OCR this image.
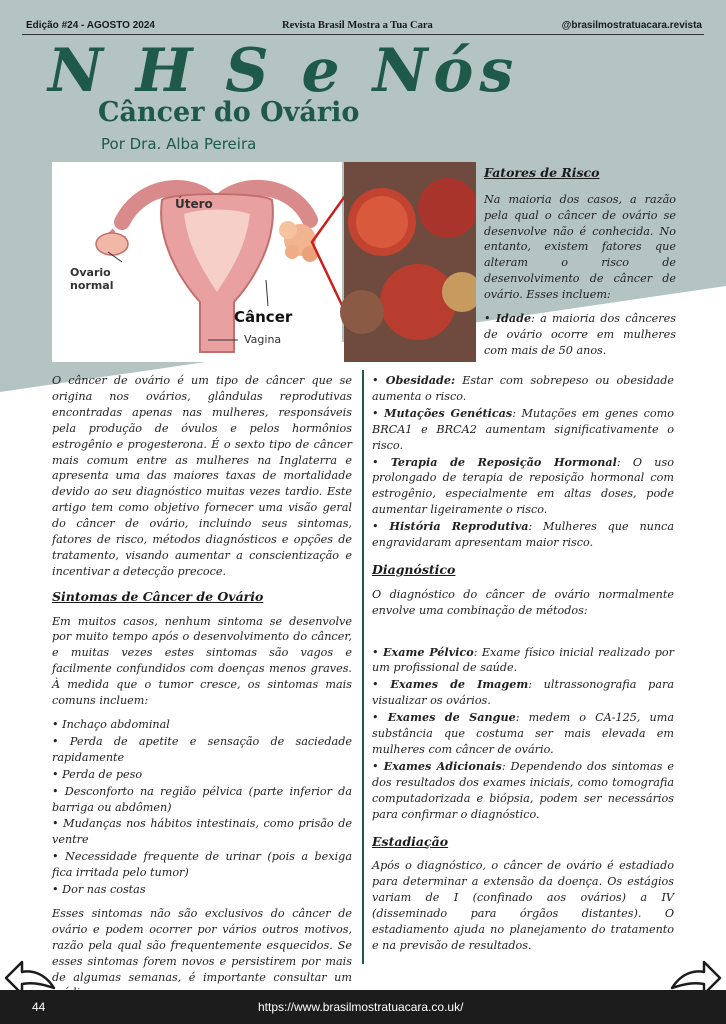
Edição #24 - AGOSTO 2024	Revista Brasil Mostra a Tua Cara	@brasilmostratuacara.revista
N H S e Nós
Câncer do Ovário
Por Dra. Alba Pereira
Útero
Ovario
normal
Câncer
Vagina
Fatores de Risco

Na maioria dos casos, a razão pela qual o câncer de ovário se desenvolve não é conhecida. No entanto, existem fatores que alteram o risco de desenvolvimento de câncer de ovário. Esses incluem:

• Idade: a maioria dos cânceres de ovário ocorre em mulheres com mais de 50 anos.

O câncer de ovário é um tipo de câncer que se origina nos ovários, glândulas reprodutivas encontradas apenas nas mulheres, responsáveis pela produção de óvulos e pelos hormônios estrogênio e progesterona. É o sexto tipo de câncer mais comum entre as mulheres na Inglaterra e apresenta uma das maiores taxas de mortalidade devido ao seu diagnóstico muitas vezes tardio. Este artigo tem como objetivo fornecer uma visão geral do câncer de ovário, incluindo seus sintomas, fatores de risco, métodos diagnósticos e opções de tratamento, visando aumentar a conscientização e incentivar a detecção precoce.

Sintomas de Câncer de Ovário

Em muitos casos, nenhum sintoma se desenvolve por muito tempo após o desenvolvimento do câncer, e muitas vezes estes sintomas são vagos e facilmente confundidos com doenças menos graves. À medida que o tumor cresce, os sintomas mais comuns incluem:

• Inchaço abdominal
• Perda de apetite e sensação de saciedade rapidamente
• Perda de peso
• Desconforto na região pélvica (parte inferior da barriga ou abdômen)
• Mudanças nos hábitos intestinais, como prisão de ventre
• Necessidade frequente de urinar (pois a bexiga fica irritada pelo tumor)
• Dor nas costas

Esses sintomas não são exclusivos do câncer de ovário e podem ocorrer por vários outros motivos, razão pela qual são frequentemente esquecidos. Se esses sintomas forem novos e persistirem por mais de algumas semanas, é importante consultar um

• Obesidade: Estar com sobrepeso ou obesidade aumenta o risco.
• Mutações Genéticas: Mutações em genes como BRCA1 e BRCA2 aumentam significativamente o risco.
• Terapia de Reposição Hormonal: O uso prolongado de terapia de reposição hormonal com estrogênio, especialmente em altas doses, pode aumentar ligeiramente o risco.
• História Reprodutiva: Mulheres que nunca engravidaram apresentam maior risco.
Diagnóstico

O diagnóstico do câncer de ovário normalmente envolve uma combinação de métodos:

• Exame Pélvico: Exame físico inicial realizado por um profissional de saúde.
• Exames de Imagem: ultrassonografia para visualizar os ovários.
• Exames de Sangue: medem o CA-125, uma substância que costuma ser mais elevada em mulheres com câncer de ovário.
• Exames Adicionais: Dependendo dos sintomas e dos resultados dos exames iniciais, como tomografia computadorizada e biópsia, podem ser necessários para confirmar o diagnóstico.
Estadiação

Após o diagnóstico, o câncer de ovário é estadiado para determinar a extensão da doença. Os estágios variam de I (confinado aos ovários) a IV (disseminado para órgãos distantes). O estadiamento ajuda no planejamento do tratamento e na previsão de resultados.

44	https://www.brasilmostratuacara.co.uk/
